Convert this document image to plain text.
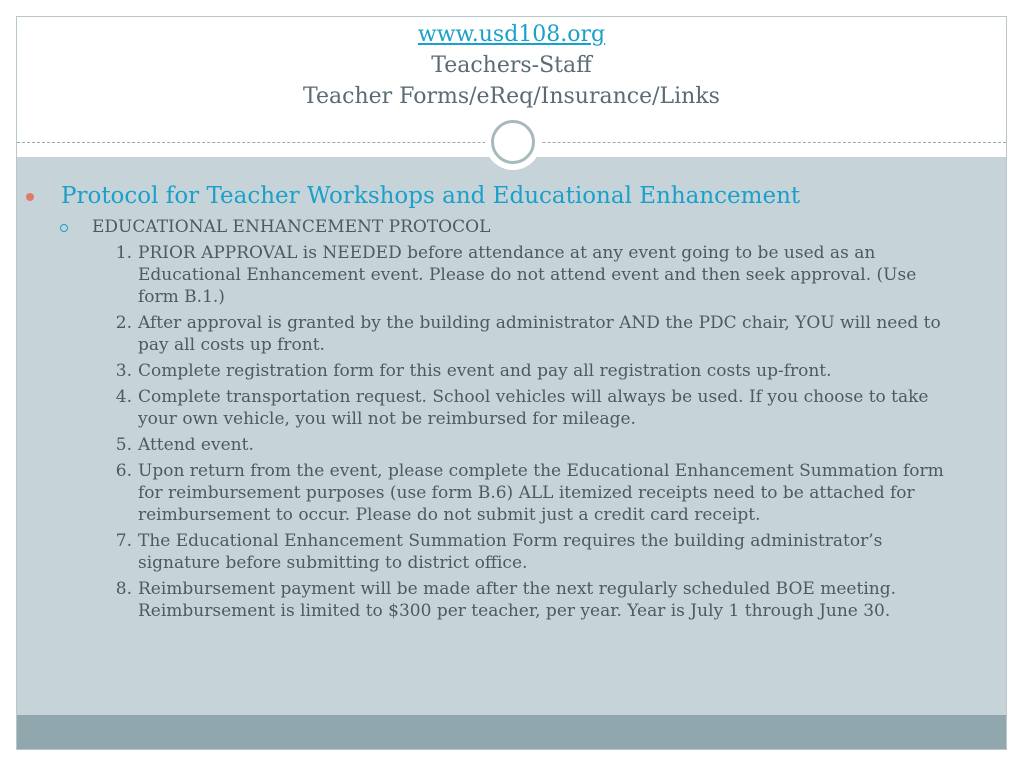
www.usd108.org
Teachers-Staff
Teacher Forms/eReq/Insurance/Links
Protocol for Teacher Workshops and Educational Enhancement
EDUCATIONAL ENHANCEMENT PROTOCOL
1. PRIOR APPROVAL is NEEDED before attendance at any event going to be used as an Educational Enhancement event. Please do not attend event and then seek approval. (Use form B.1.)
2. After approval is granted by the building administrator AND the PDC chair, YOU will need to pay all costs up front.
3. Complete registration form for this event and pay all registration costs up-front.
4. Complete transportation request. School vehicles will always be used. If you choose to take your own vehicle, you will not be reimbursed for mileage.
5. Attend event.
6. Upon return from the event, please complete the Educational Enhancement Summation form for reimbursement purposes (use form B.6) ALL itemized receipts need to be attached for reimbursement to occur. Please do not submit just a credit card receipt.
7. The Educational Enhancement Summation Form requires the building administrator’s signature before submitting to district office.
8. Reimbursement payment will be made after the next regularly scheduled BOE meeting. Reimbursement is limited to $300 per teacher, per year. Year is July 1 through June 30.
